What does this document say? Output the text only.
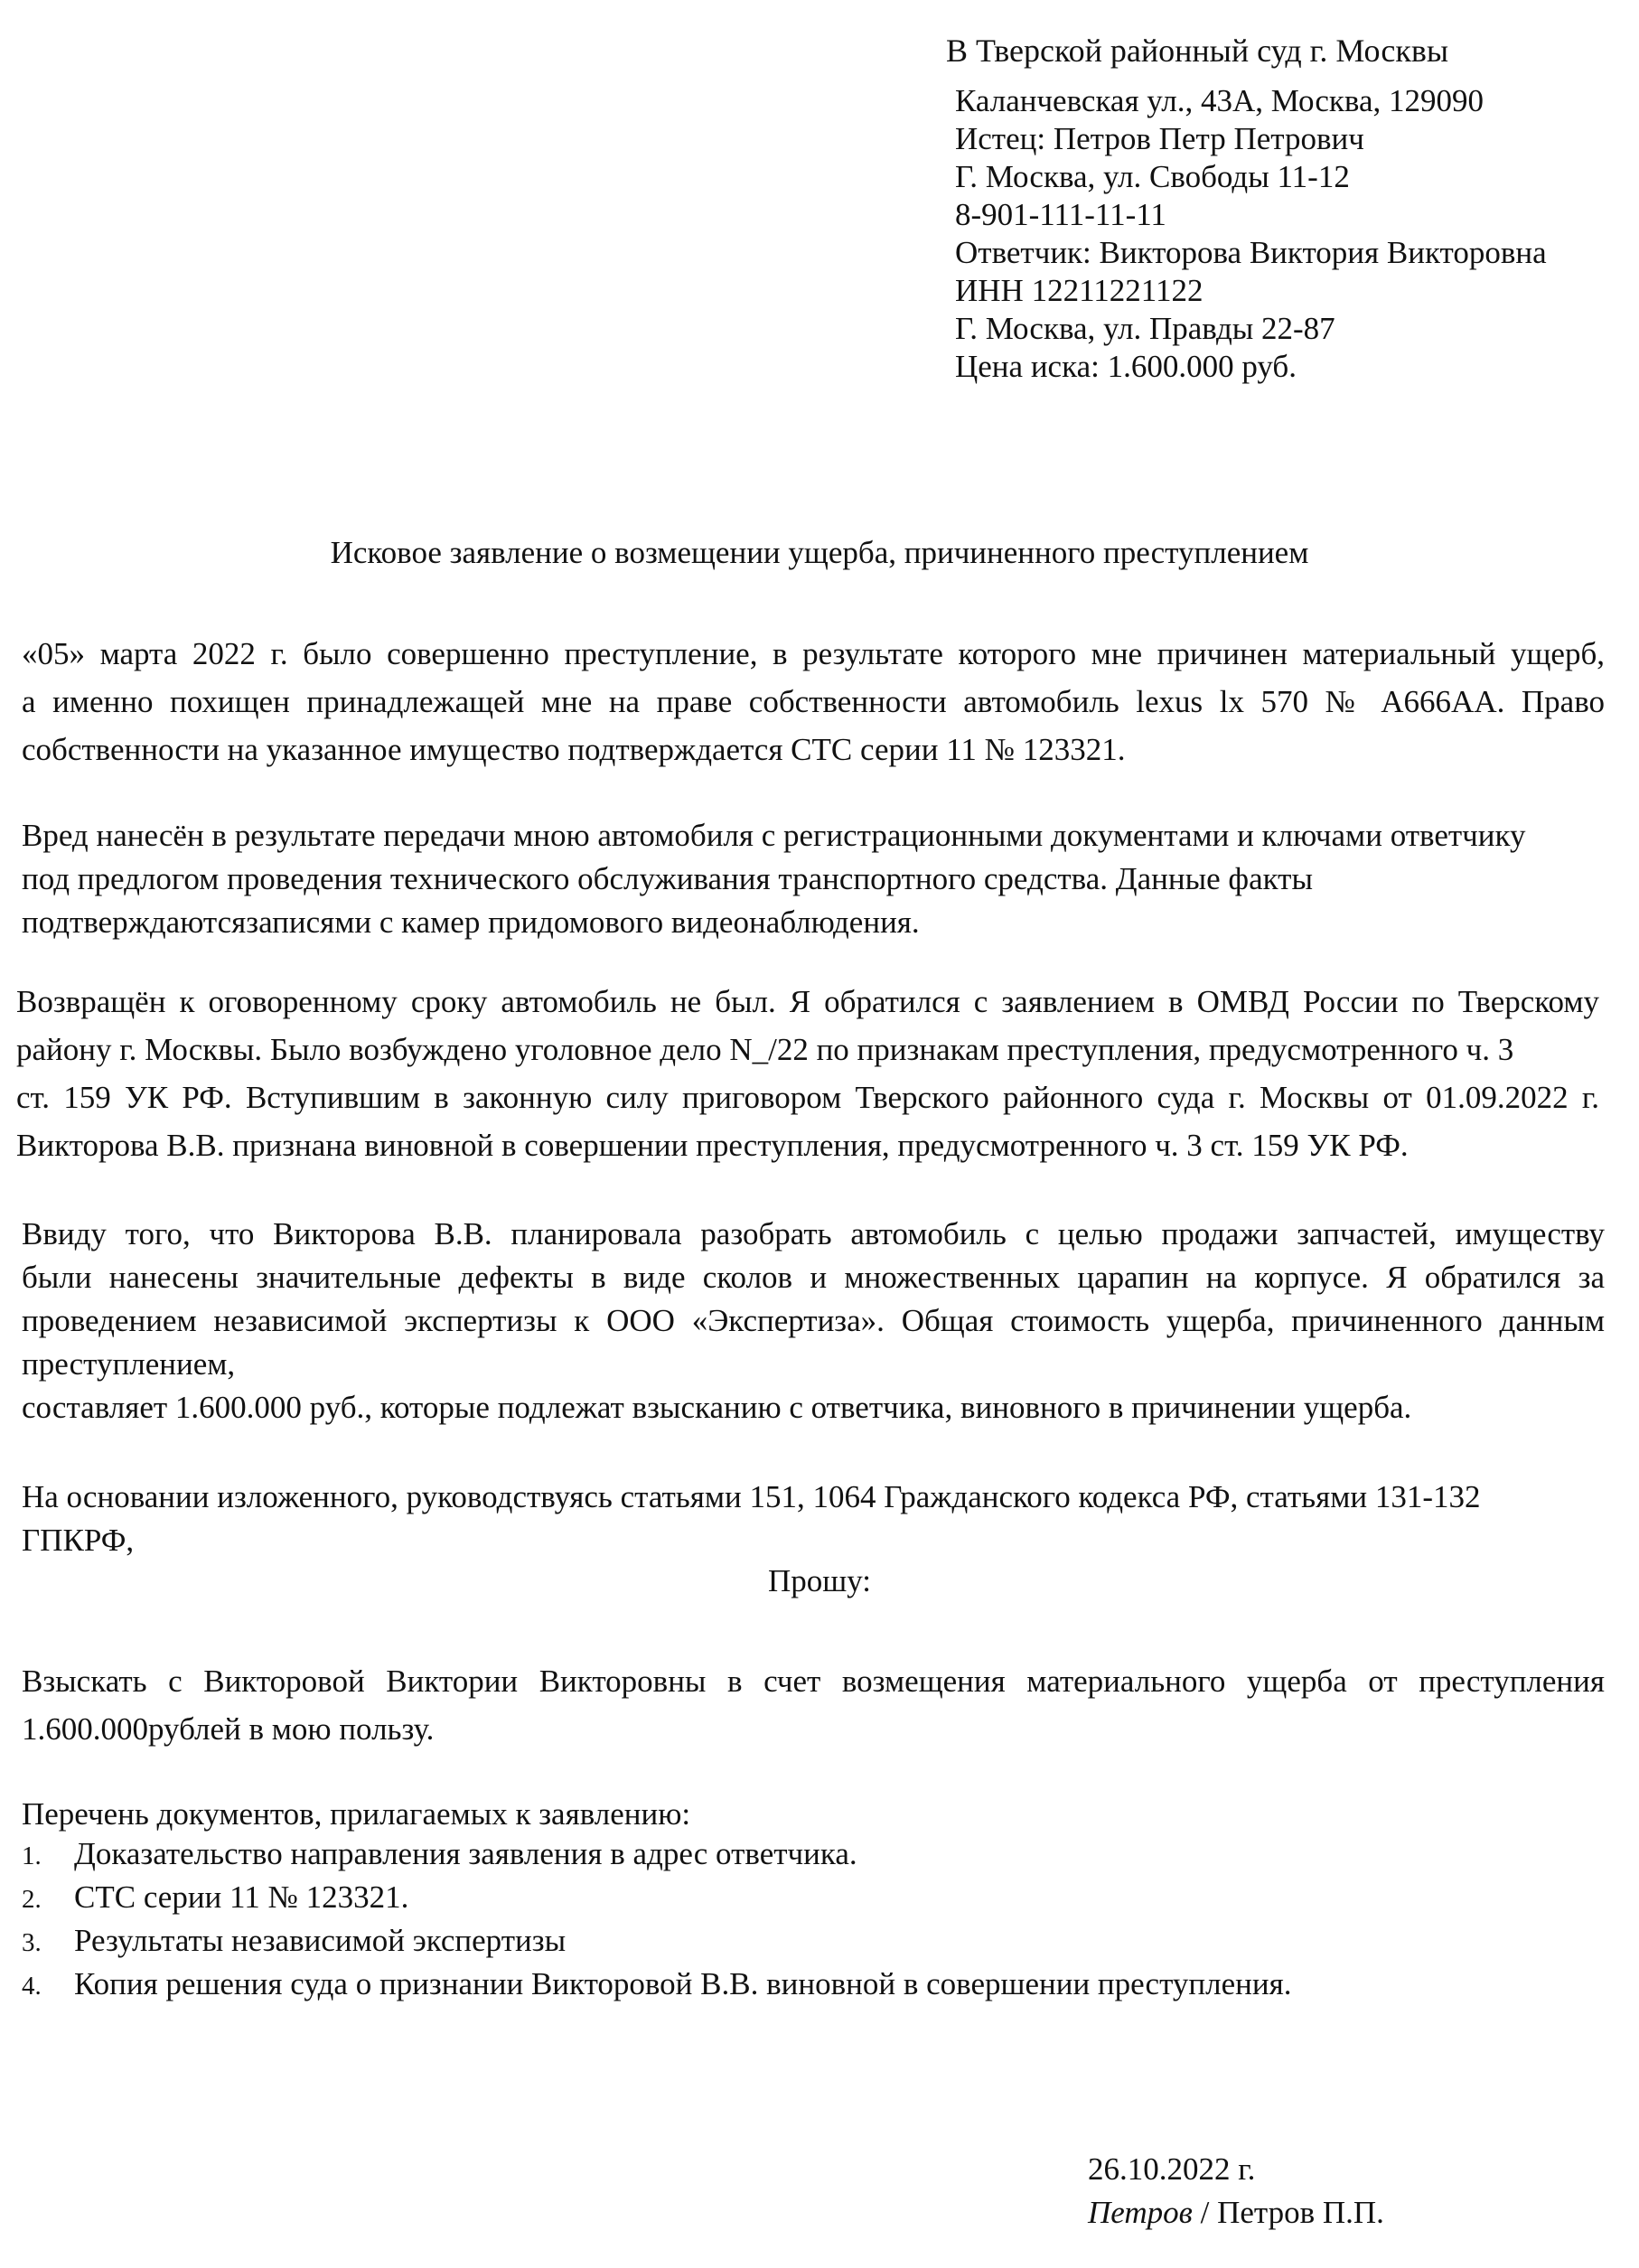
В Тверской районный суд г. Москвы
Каланчевская ул., 43А, Москва, 129090
Истец: Петров Петр Петрович
Г. Москва, ул. Свободы 11-12
8-901-111-11-11
Ответчик: Викторова Виктория Викторовна
ИНН 12211221122
Г. Москва, ул. Правды 22-87
Цена иска: 1.600.000 руб.
Исковое заявление о возмещении ущерба, причиненного преступлением
«05» марта 2022 г. было совершенно преступление, в результате которого мне причинен материальный ущерб,
а именно похищен принадлежащей мне на праве собственности автомобиль lexus lx 570 № А666АА. Право
собственности на указанное имущество подтверждается СТС серии 11 № 123321.
Вред нанесён в результате передачи мною автомобиля с регистрационными документами и ключами ответчику
под предлогом проведения технического обслуживания транспортного средства. Данные факты
подтверждаютсязаписями с камер придомового видеонаблюдения.
Возвращён к оговоренному сроку автомобиль не был. Я обратился с заявлением в ОМВД России по Тверскому
району г. Москвы. Было возбуждено уголовное дело N_/22 по признакам преступления, предусмотренного ч. 3
ст. 159 УК РФ. Вступившим в законную силу приговором Тверского районного суда г. Москвы от 01.09.2022 г.
Викторова В.В. признана виновной в совершении преступления, предусмотренного ч. 3 ст. 159 УК РФ.
Ввиду того, что Викторова В.В. планировала разобрать автомобиль с целью продажи запчастей, имуществу
были нанесены значительные дефекты в виде сколов и множественных царапин на корпусе. Я обратился за
проведением независимой экспертизы к ООО «Экспертиза». Общая стоимость ущерба, причиненного данным
преступлением,
составляет 1.600.000 руб., которые подлежат взысканию с ответчика, виновного в причинении ущерба.
На основании изложенного, руководствуясь статьями 151, 1064 Гражданского кодекса РФ, статьями 131-132
ГПКРФ,
Прошу:
Взыскать с Викторовой Виктории Викторовны в счет возмещения материального ущерба от преступления
1.600.000рублей в мою пользу.
Перечень документов, прилагаемых к заявлению:
1. Доказательство направления заявления в адрес ответчика.
2. СТС серии 11 № 123321.
3. Результаты независимой экспертизы
4. Копия решения суда о признании Викторовой В.В. виновной в совершении преступления.
26.10.2022 г.
Петров / Петров П.П.
